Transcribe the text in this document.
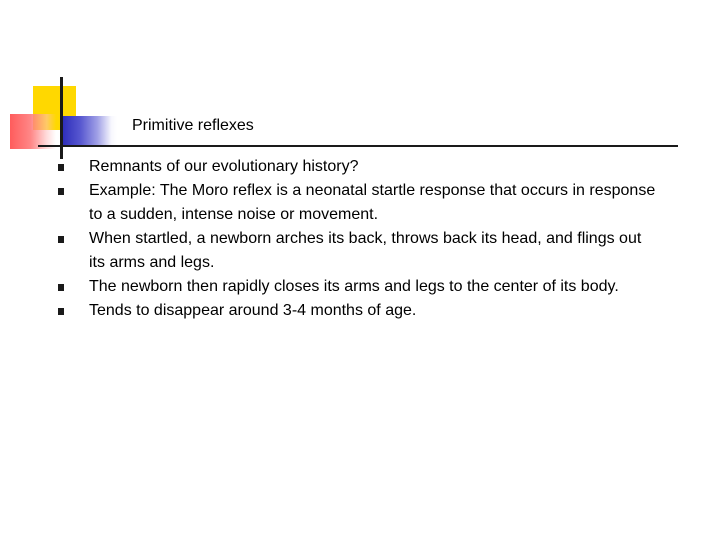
Primitive reflexes
Remnants of our evolutionary history?
Example: The Moro reflex is a neonatal startle response that occurs in response to a sudden, intense noise or movement.
When startled, a newborn arches its back, throws back its head, and flings out its arms and legs.
The newborn then rapidly closes its arms and legs to the center of its body.
Tends to disappear around 3-4 months of age.
